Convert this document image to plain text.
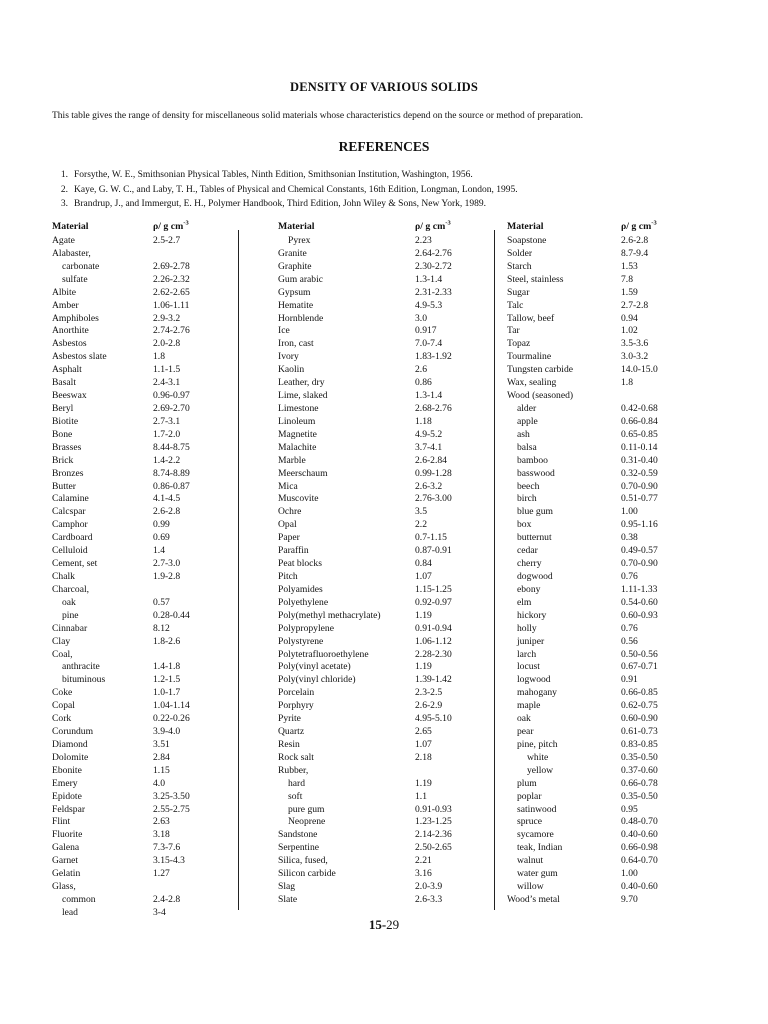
DENSITY OF VARIOUS SOLIDS
This table gives the range of density for miscellaneous solid materials whose characteristics depend on the source or method of preparation.
REFERENCES
1. Forsythe, W. E., Smithsonian Physical Tables, Ninth Edition, Smithsonian Institution, Washington, 1956.
2. Kaye, G. W. C., and Laby, T. H., Tables of Physical and Chemical Constants, 16th Edition, Longman, London, 1995.
3. Brandrup, J., and Immergut, E. H., Polymer Handbook, Third Edition, John Wiley & Sons, New York, 1989.
Material	ρ/ g $cm^{-3}$
Agate	2.5-2.7
Alabaster,
carbonate	2.69-2.78
sulfate	2.26-2.32
Albite	2.62-2.65
Amber	1.06-1.11
Amphiboles	2.9-3.2
Anorthite	2.74-2.76
Asbestos	2.0-2.8
Asbestos slate	1.8
Asphalt	1.1-1.5
Basalt	2.4-3.1
Beeswax	0.96-0.97
Beryl	2.69-2.70
Biotite	2.7-3.1
Bone	1.7-2.0
Brasses	8.44-8.75
Brick	1.4-2.2
Bronzes	8.74-8.89
Butter	0.86-0.87
Calamine	4.1-4.5
Calcspar	2.6-2.8
Camphor	0.99
Cardboard	0.69
Celluloid	1.4
Cement, set	2.7-3.0
Chalk	1.9-2.8
Charcoal,
oak	0.57
pine	0.28-0.44
Cinnabar	8.12
Clay	1.8-2.6
Coal,
anthracite	1.4-1.8
bituminous	1.2-1.5
Coke	1.0-1.7
Copal	1.04-1.14
Cork	0.22-0.26
Corundum	3.9-4.0
Diamond	3.51
Dolomite	2.84
Ebonite	1.15
Emery	4.0
Epidote	3.25-3.50
Feldspar	2.55-2.75
Flint	2.63
Fluorite	3.18
Galena	7.3-7.6
Garnet	3.15-4.3
Gelatin	1.27
Glass,
common	2.4-2.8
lead	3-4
Material	ρ/ g $cm^{-3}$
Pyrex	2.23
Granite	2.64-2.76
Graphite	2.30-2.72
Gum arabic	1.3-1.4
Gypsum	2.31-2.33
Hematite	4.9-5.3
Hornblende	3.0
Ice	0.917
Iron, cast	7.0-7.4
Ivory	1.83-1.92
Kaolin	2.6
Leather, dry	0.86
Lime, slaked	1.3-1.4
Limestone	2.68-2.76
Linoleum	1.18
Magnetite	4.9-5.2
Malachite	3.7-4.1
Marble	2.6-2.84
Meerschaum	0.99-1.28
Mica	2.6-3.2
Muscovite	2.76-3.00
Ochre	3.5
Opal	2.2
Paper	0.7-1.15
Paraffin	0.87-0.91
Peat blocks	0.84
Pitch	1.07
Polyamides	1.15-1.25
Polyethylene	0.92-0.97
Poly(methyl methacrylate)	1.19
Polypropylene	0.91-0.94
Polystyrene	1.06-1.12
Polytetrafluoroethylene	2.28-2.30
Poly(vinyl acetate)	1.19
Poly(vinyl chloride)	1.39-1.42
Porcelain	2.3-2.5
Porphyry	2.6-2.9
Pyrite	4.95-5.10
Quartz	2.65
Resin	1.07
Rock salt	2.18
Rubber,
hard	1.19
soft	1.1
pure gum	0.91-0.93
Neoprene	1.23-1.25
Sandstone	2.14-2.36
Serpentine	2.50-2.65
Silica, fused,	2.21
Silicon carbide	3.16
Slag	2.0-3.9
Slate	2.6-3.3
Material	ρ/ g $cm^{-3}$
Soapstone	2.6-2.8
Solder	8.7-9.4
Starch	1.53
Steel, stainless	7.8
Sugar	1.59
Talc	2.7-2.8
Tallow, beef	0.94
Tar	1.02
Topaz	3.5-3.6
Tourmaline	3.0-3.2
Tungsten carbide	14.0-15.0
Wax, sealing	1.8
Wood (seasoned)
alder	0.42-0.68
apple	0.66-0.84
ash	0.65-0.85
balsa	0.11-0.14
bamboo	0.31-0.40
basswood	0.32-0.59
beech	0.70-0.90
birch	0.51-0.77
blue gum	1.00
box	0.95-1.16
butternut	0.38
cedar	0.49-0.57
cherry	0.70-0.90
dogwood	0.76
ebony	1.11-1.33
elm	0.54-0.60
hickory	0.60-0.93
holly	0.76
juniper	0.56
larch	0.50-0.56
locust	0.67-0.71
logwood	0.91
mahogany	0.66-0.85
maple	0.62-0.75
oak	0.60-0.90
pear	0.61-0.73
pine, pitch	0.83-0.85
white	0.35-0.50
yellow	0.37-0.60
plum	0.66-0.78
poplar	0.35-0.50
satinwood	0.95
spruce	0.48-0.70
sycamore	0.40-0.60
teak, Indian	0.66-0.98
walnut	0.64-0.70
water gum	1.00
willow	0.40-0.60
Wood’s metal	9.70
15-29
